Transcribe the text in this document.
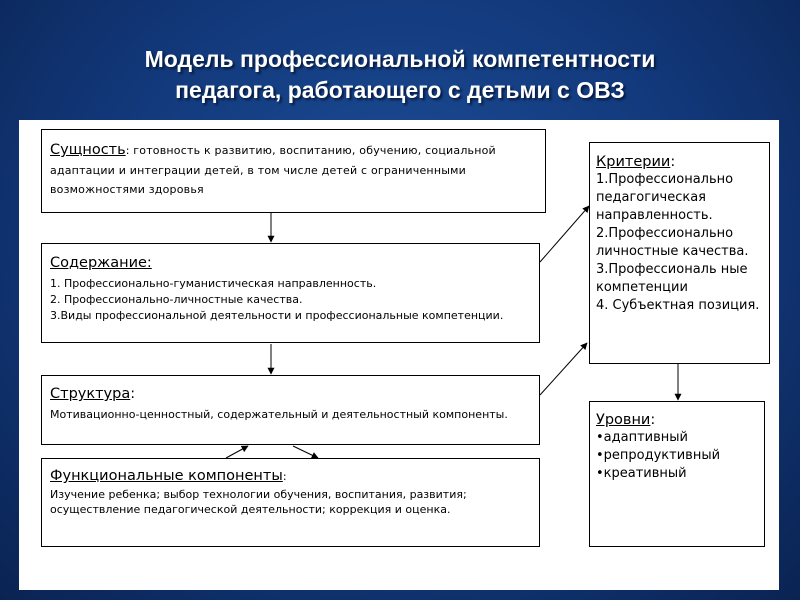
Модель профессиональной компетентности
педагога, работающего с детьми с ОВЗ
Сущность: готовность к развитию, воспитанию, обучению, социальной адаптации и интеграции детей, в том числе детей с ограниченными возможностями здоровья
Содержание:
1. Профессионально-гуманистическая направленность.
2. Профессионально-личностные качества.
3.Виды профессиональной деятельности и профессиональные компетенции.
Структура:
Мотивационно-ценностный, содержательный и деятельностный компоненты.
Функциональные компоненты:
Изучение ребенка; выбор технологии обучения, воспитания, развития; осуществление педагогической деятельности; коррекция и оценка.
Критерии:
1.Профессионально педагогическая направленность.
2.Профессионально личностные качества.
3.Профессиональ ные компетенции
4. Субъектная позиция.
Уровни:
•адаптивный
•репродуктивный
•креативный
